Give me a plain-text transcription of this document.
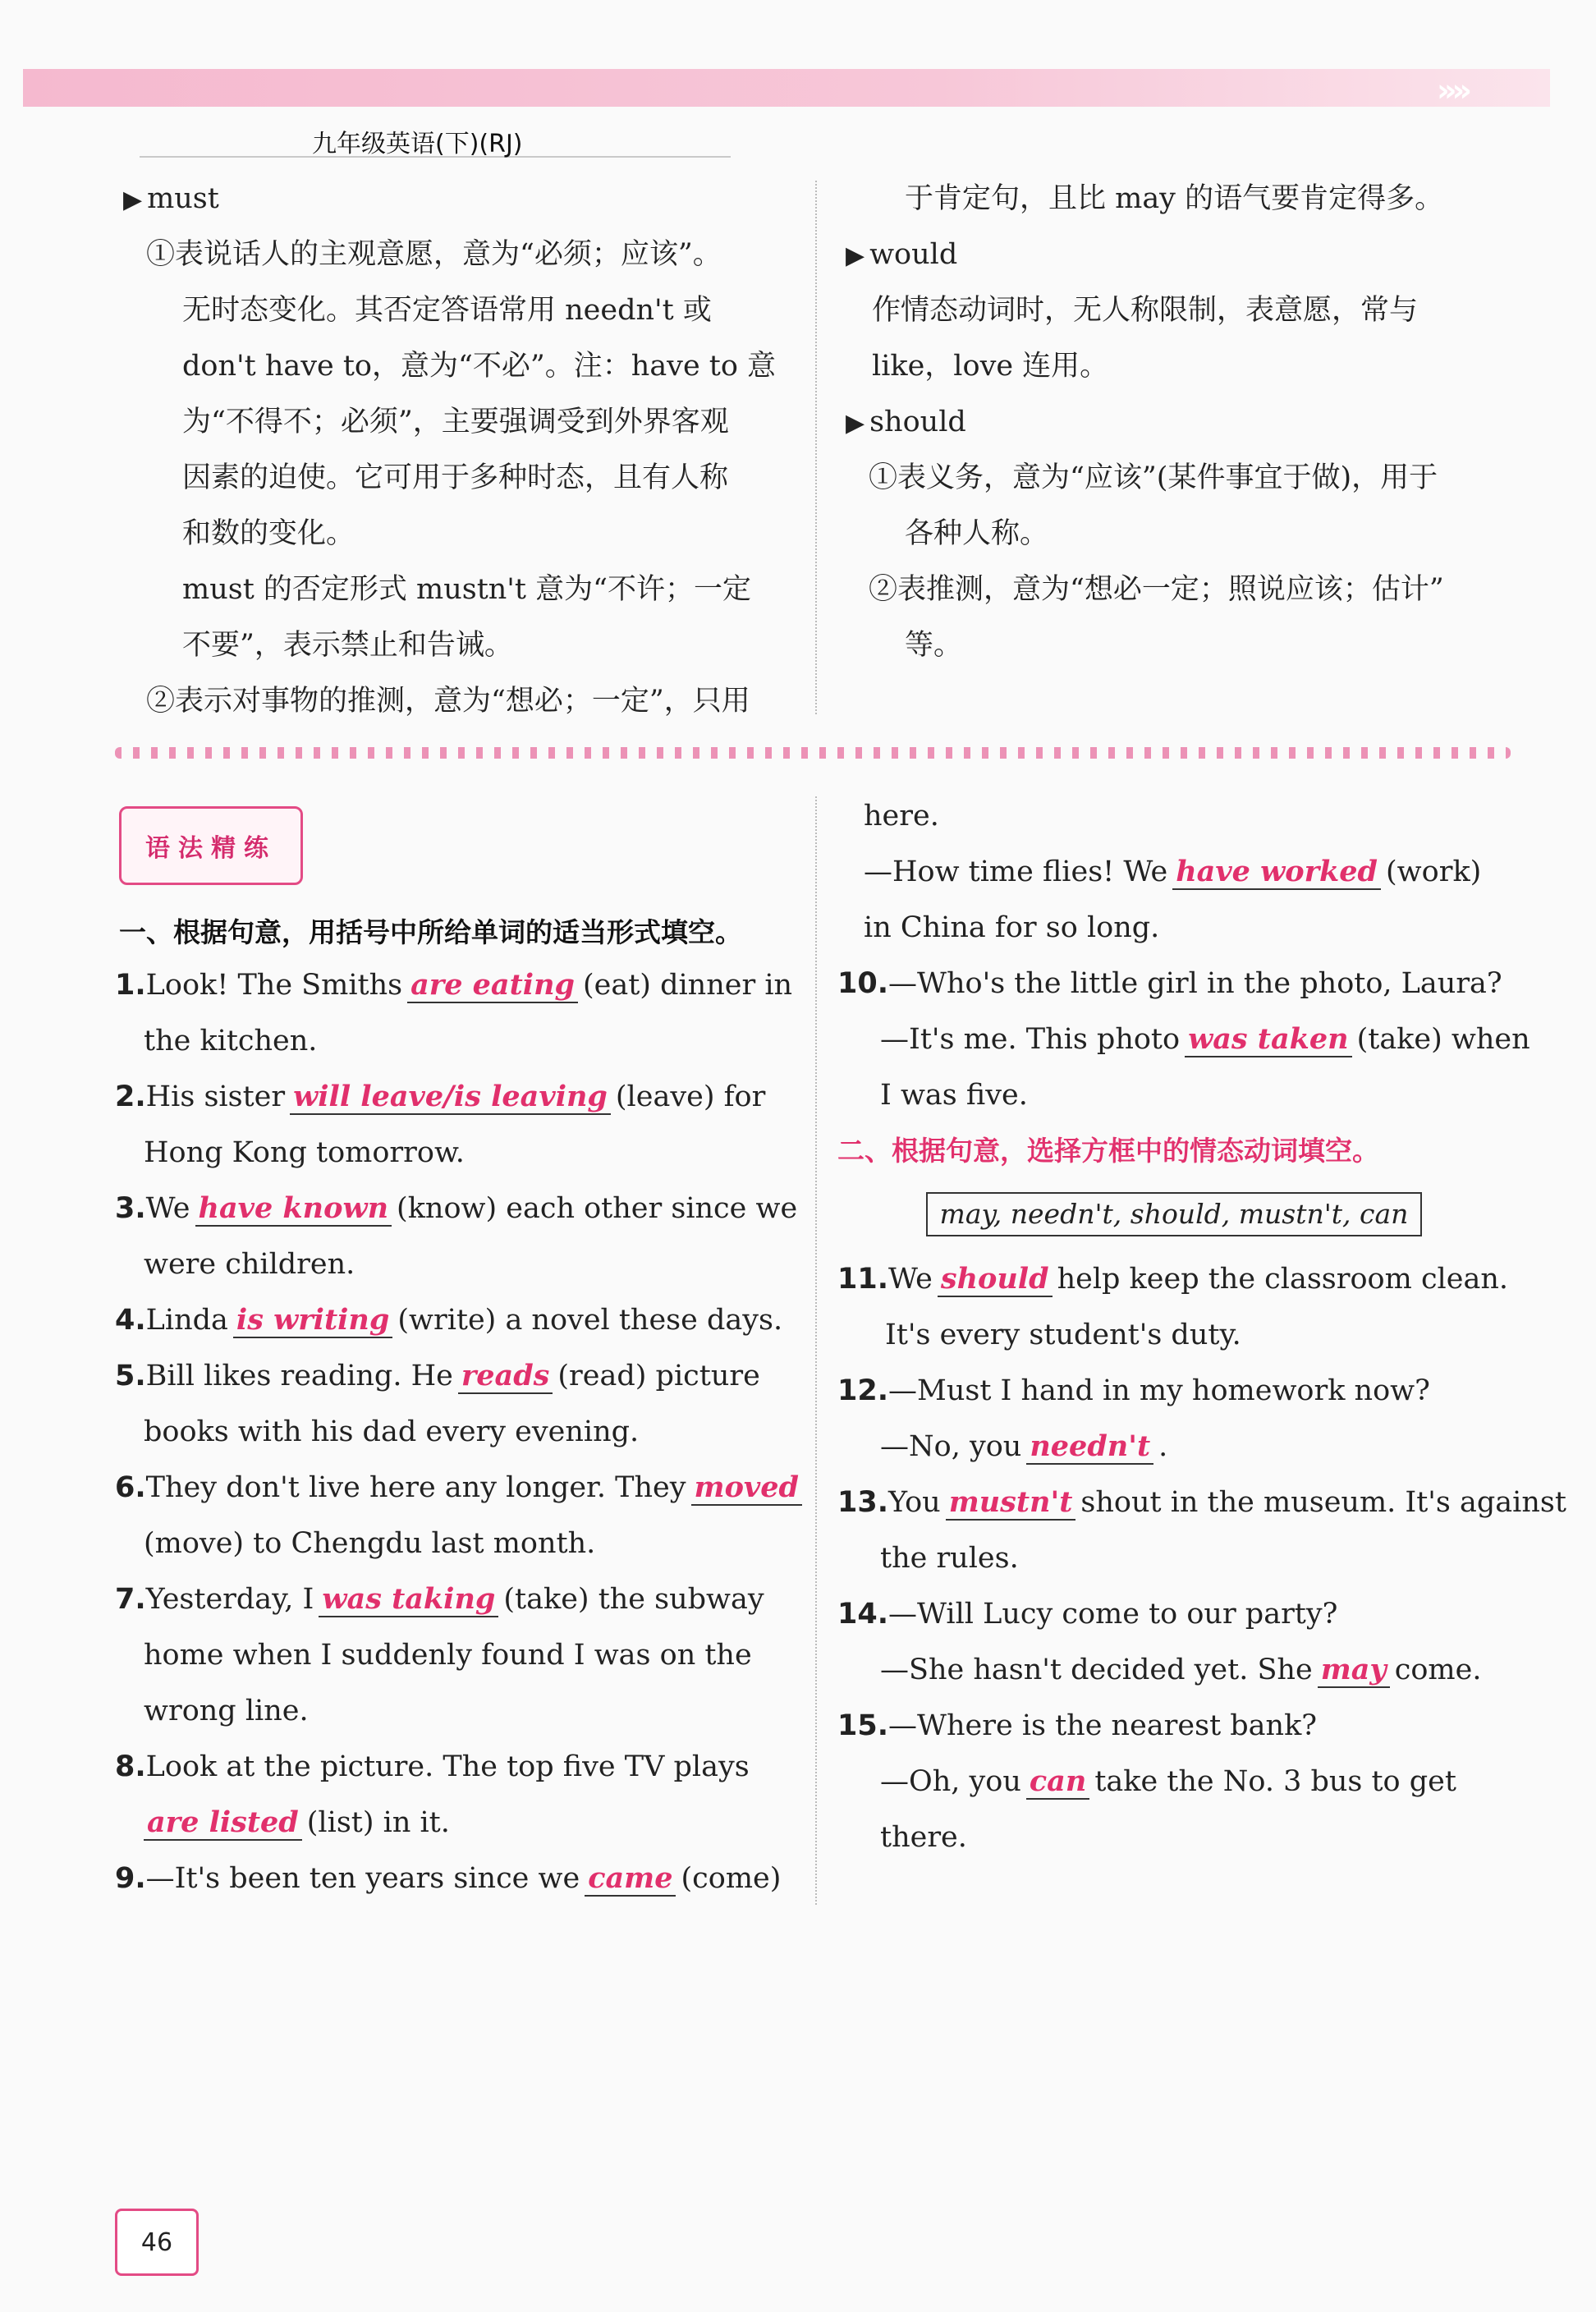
»»
九年级英语(下)(RJ)
▶ must
①表说话人的主观意愿，意为“必须；应该”。
无时态变化。其否定答语常用 needn't 或
don't have to，意为“不必”。注：have to 意
为“不得不；必须”，主要强调受到外界客观
因素的迫使。它可用于多种时态，且有人称
和数的变化。
must 的否定形式 mustn't 意为“不许；一定
不要”，表示禁止和告诫。
②表示对事物的推测，意为“想必；一定”，只用
于肯定句，且比 may 的语气要肯定得多。
▶ would
作情态动词时，无人称限制，表意愿，常与
like，love 连用。
▶ should
①表义务，意为“应该”(某件事宜于做)，用于
各种人称。
②表推测，意为“想必一定；照说应该；估计”
等。
语法精练
一、根据句意，用括号中所给单词的适当形式填空。
1.Look! The Smiths are eating (eat) dinner in
the kitchen.
2.His sister will leave/is leaving (leave) for
Hong Kong tomorrow.
3.We have known (know) each other since we
were children.
4.Linda is writing (write) a novel these days.
5.Bill likes reading. He reads (read) picture
books with his dad every evening.
6.They don't live here any longer. They moved
(move) to Chengdu last month.
7.Yesterday, I was taking (take) the subway
home when I suddenly found I was on the
wrong line.
8.Look at the picture. The top five TV plays
are listed (list) in it.
9.—It's been ten years since we came (come)
here.
—How time flies! We have worked (work)
in China for so long.
10.—Who's the little girl in the photo, Laura?
—It's me. This photo was taken (take) when
I was five.
二、根据句意，选择方框中的情态动词填空。
may, needn't, should, mustn't, can
11.We should help keep the classroom clean.
It's every student's duty.
12.—Must I hand in my homework now?
—No, you needn't .
13.You mustn't shout in the museum. It's against
the rules.
14.—Will Lucy come to our party?
—She hasn't decided yet. She may come.
15.—Where is the nearest bank?
—Oh, you can take the No. 3 bus to get
there.
46
